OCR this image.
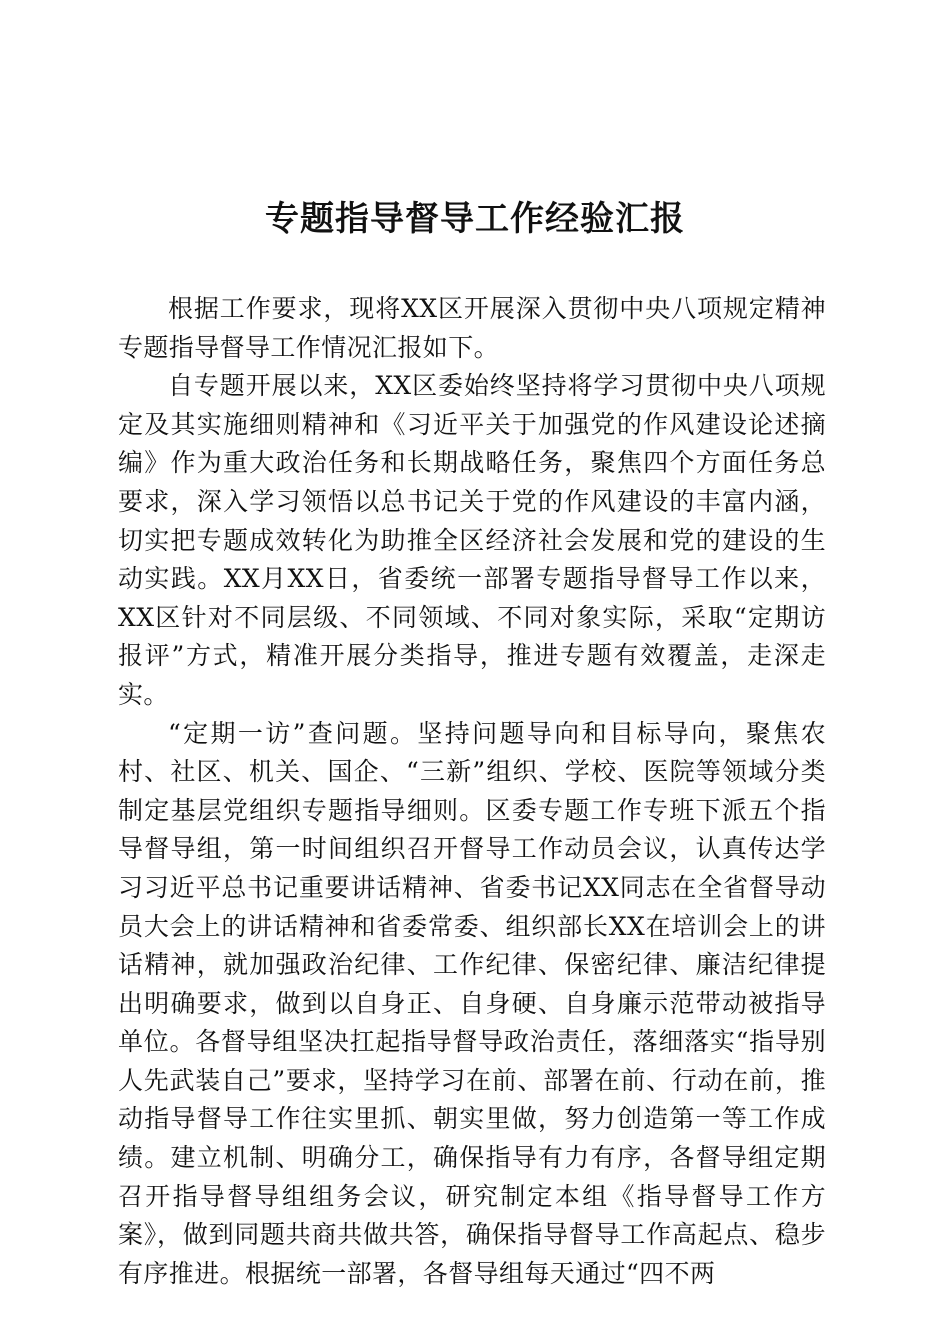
专题指导督导工作经验汇报

根据工作要求，现将XX区开展深入贯彻中央八项规定精神专题指导督导工作情况汇报如下。

自专题开展以来，XX区委始终坚持将学习贯彻中央八项规定及其实施细则精神和《习近平关于加强党的作风建设论述摘编》作为重大政治任务和长期战略任务，聚焦四个方面任务总要求，深入学习领悟以总书记关于党的作风建设的丰富内涵，切实把专题成效转化为助推全区经济社会发展和党的建设的生动实践。XX月XX日，省委统一部署专题指导督导工作以来，XX区针对不同层级、不同领域、不同对象实际，采取“定期访报评”方式，精准开展分类指导，推进专题有效覆盖，走深走实。

“定期一访”查问题。坚持问题导向和目标导向，聚焦农村、社区、机关、国企、“三新”组织、学校、医院等领域分类制定基层党组织专题指导细则。区委专题工作专班下派五个指导督导组，第一时间组织召开督导工作动员会议，认真传达学习习近平总书记重要讲话精神、省委书记XX同志在全省督导动员大会上的讲话精神和省委常委、组织部长XX在培训会上的讲话精神，就加强政治纪律、工作纪律、保密纪律、廉洁纪律提出明确要求，做到以自身正、自身硬、自身廉示范带动被指导单位。各督导组坚决扛起指导督导政治责任，落细落实“指导别人先武装自己”要求，坚持学习在前、部署在前、行动在前，推动指导督导工作往实里抓、朝实里做，努力创造第一等工作成绩。建立机制、明确分工，确保指导有力有序，各督导组定期召开指导督导组组务会议，研究制定本组《指导督导工作方案》，做到同题共商共做共答，确保指导督导工作高起点、稳步有序推进。根据统一部署，各督导组每天通过“四不两
